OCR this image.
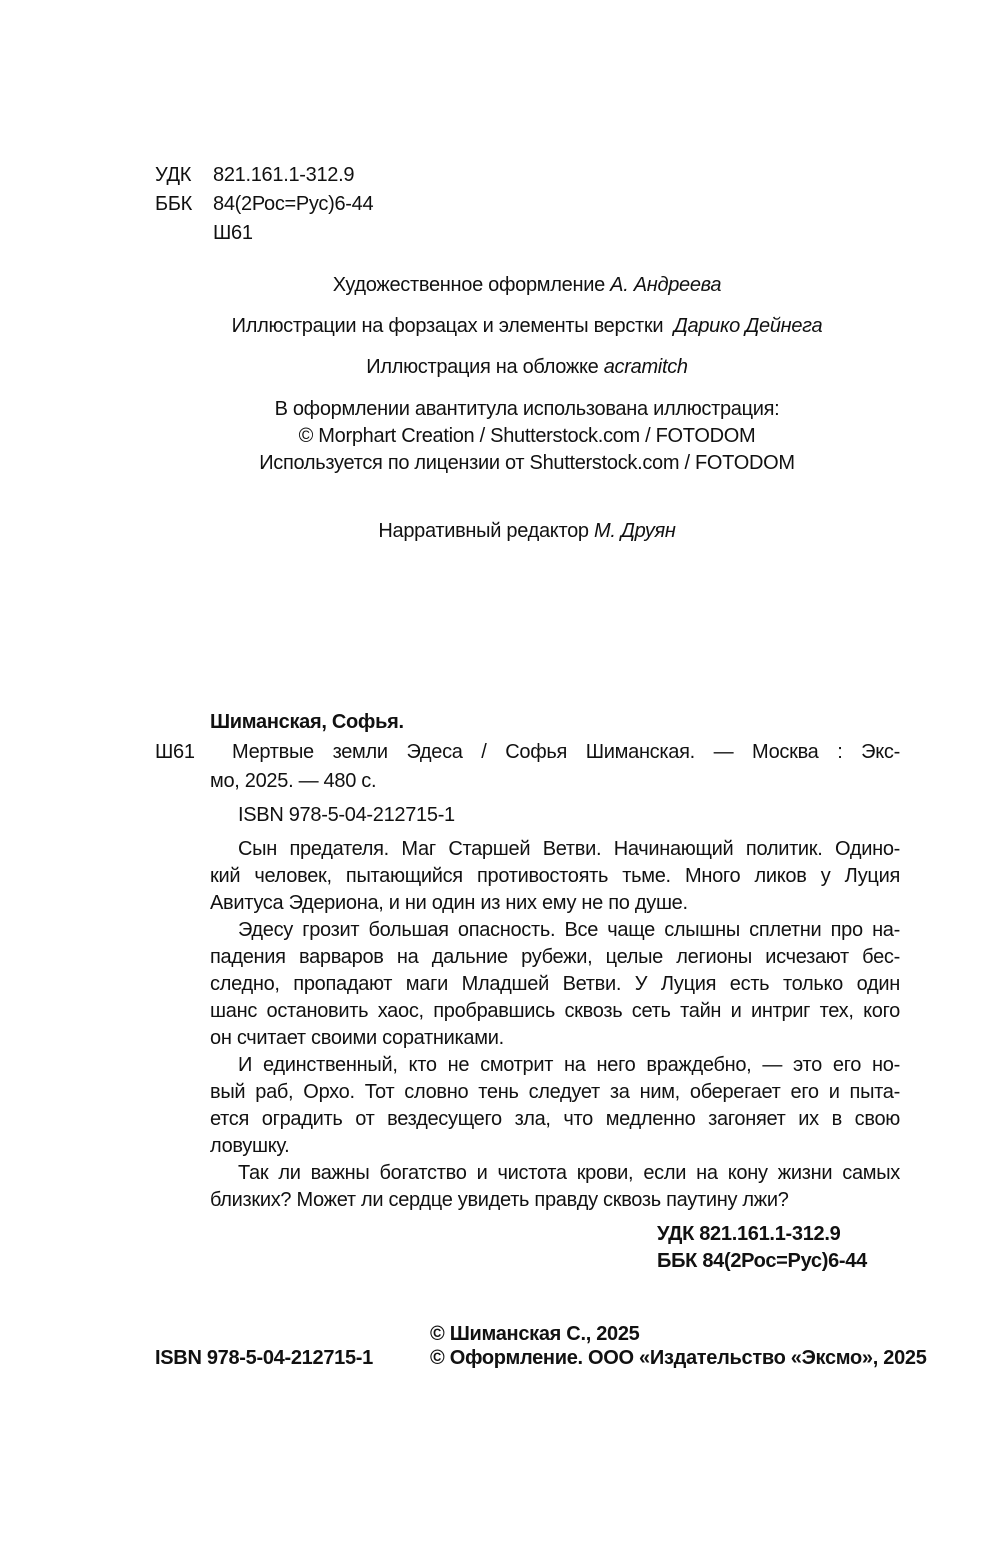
УДК 821.161.1-312.9
ББК 84(2Рос=Рус)6-44
Ш61
Художественное оформление А. Андреева
Иллюстрации на форзацах и элементы верстки Дарико Дейнега
Иллюстрация на обложке acramitch
В оформлении авантитула использована иллюстрация:
© Morphart Creation / Shutterstock.com / FOTODOM
Используется по лицензии от Shutterstock.com / FOTODOM
Нарративный редактор М. Друян
Шиманская, Софья.
Ш61 Мертвые земли Эдеса / Софья Шиманская. — Москва : Экс-
мо, 2025. — 480 с.
ISBN 978-5-04-212715-1
Сын предателя. Маг Старшей Ветви. Начинающий политик. Одино-
кий человек, пытающийся противостоять тьме. Много ликов у Луция
Авитуса Эдериона, и ни один из них ему не по душе.
Эдесу грозит большая опасность. Все чаще слышны сплетни про на-
падения варваров на дальние рубежи, целые легионы исчезают бес-
следно, пропадают маги Младшей Ветви. У Луция есть только один
шанс остановить хаос, пробравшись сквозь сеть тайн и интриг тех, кого
он считает своими соратниками.
И единственный, кто не смотрит на него враждебно, — это его но-
вый раб, Орхо. Тот словно тень следует за ним, оберегает его и пыта-
ется оградить от вездесущего зла, что медленно загоняет их в свою
ловушку.
Так ли важны богатство и чистота крови, если на кону жизни самых
близких? Может ли сердце увидеть правду сквозь паутину лжи?
УДК 821.161.1-312.9
ББК 84(2Рос=Рус)6-44
© Шиманская С., 2025
© Оформление. ООО «Издательство «Эксмо», 2025
ISBN 978-5-04-212715-1
